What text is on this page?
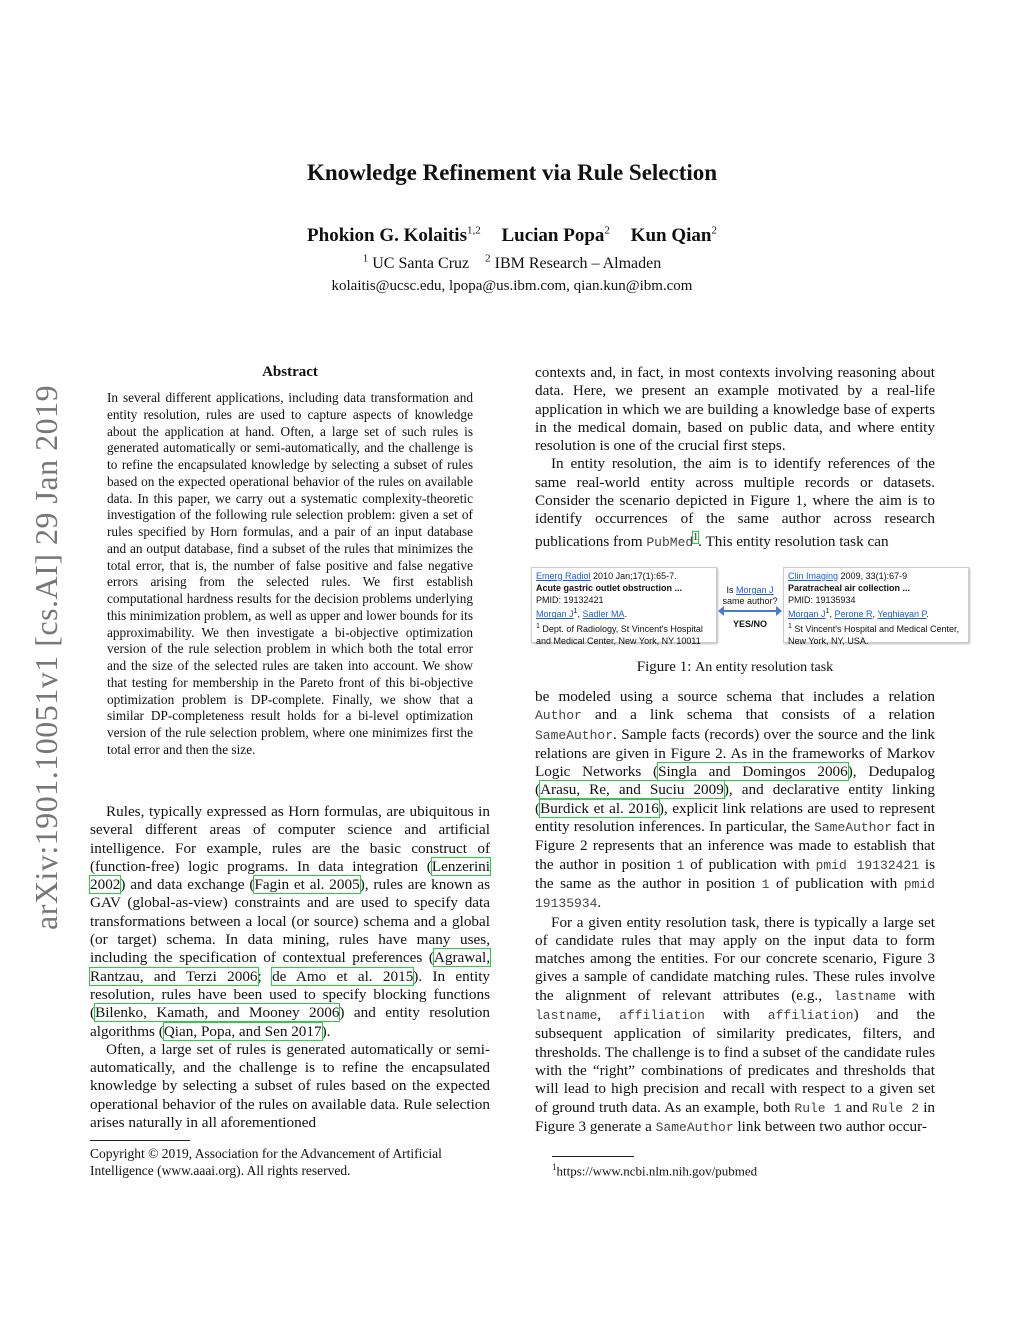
Knowledge Refinement via Rule Selection
Phokion G. Kolaitis$^{1,2}$ Lucian Popa$^2$ Kun Qian$^2$
$^1$ UC Santa Cruz $^2$ IBM Research – Almaden
kolaitis@ucsc.edu, lpopa@us.ibm.com, qian.kun@ibm.com
arXiv:1901.10051v1 [cs.AI] 29 Jan 2019
Abstract
In several different applications, including data transformation and entity resolution, rules are used to capture aspects of knowledge about the application at hand. Often, a large set of such rules is generated automatically or semi-automatically, and the challenge is to refine the encapsulated knowledge by selecting a subset of rules based on the expected operational behavior of the rules on available data. In this paper, we carry out a systematic complexity-theoretic investigation of the following rule selection problem: given a set of rules specified by Horn formulas, and a pair of an input database and an output database, find a subset of the rules that minimizes the total error, that is, the number of false positive and false negative errors arising from the selected rules. We first establish computational hardness results for the decision problems underlying this minimization problem, as well as upper and lower bounds for its approximability. We then investigate a bi-objective optimization version of the rule selection problem in which both the total error and the size of the selected rules are taken into account. We show that testing for membership in the Pareto front of this bi-objective optimization problem is DP-complete. Finally, we show that a similar DP-completeness result holds for a bi-level optimization version of the rule selection problem, where one minimizes first the total error and then the size.

Rules, typically expressed as Horn formulas, are ubiquitous in several different areas of computer science and artificial intelligence. For example, rules are the basic construct of (function-free) logic programs. In data integration (Lenzerini 2002) and data exchange (Fagin et al. 2005), rules are known as GAV (global-as-view) constraints and are used to specify data transformations between a local (or source) schema and a global (or target) schema. In data mining, rules have many uses, including the specification of contextual preferences (Agrawal, Rantzau, and Terzi 2006; de Amo et al. 2015). In entity resolution, rules have been used to specify blocking functions (Bilenko, Kamath, and Mooney 2006) and entity resolution algorithms (Qian, Popa, and Sen 2017).

Often, a large set of rules is generated automatically or semi-automatically, and the challenge is to refine the encapsulated knowledge by selecting a subset of rules based on the expected operational behavior of the rules on available data. Rule selection arises naturally in all aforementioned

Copyright © 2019, Association for the Advancement of Artificial Intelligence (www.aaai.org). All rights reserved.

contexts and, in fact, in most contexts involving reasoning about data. Here, we present an example motivated by a real-life application in which we are building a knowledge base of experts in the medical domain, based on public data, and where entity resolution is one of the crucial first steps.

In entity resolution, the aim is to identify references of the same real-world entity across multiple records or datasets. Consider the scenario depicted in Figure 1, where the aim is to identify occurrences of the same author across research publications from PubMed$^1$. This entity resolution task can

Emerg Radiol 2010 Jan;17(1):65-7.
Acute gastric outlet obstruction ...
PMID: 19132421
Morgan $J^1$, Sadler MA.
$^1$ Dept. of Radiology, St Vincent's Hospital and Medical Center, New York, NY 10011
Is Morgan J
same author?
YES/NO
Clin Imaging 2009, 33(1):67-9
Paratracheal air collection ...
PMID: 19135934
Morgan $J^1$, Perone R, Yeghiayan P.
$^1$ St Vincent's Hospital and Medical Center, New York, NY, USA.
Figure 1: An entity resolution task

be modeled using a source schema that includes a relation Author and a link schema that consists of a relation SameAuthor. Sample facts (records) over the source and the link relations are given in Figure 2. As in the frameworks of Markov Logic Networks (Singla and Domingos 2006), Dedupalog (Arasu, Re, and Suciu 2009), and declarative entity linking (Burdick et al. 2016), explicit link relations are used to represent entity resolution inferences. In particular, the SameAuthor fact in Figure 2 represents that an inference was made to establish that the author in position 1 of publication with pmid 19132421 is the same as the author in position 1 of publication with pmid 19135934.

For a given entity resolution task, there is typically a large set of candidate rules that may apply on the input data to form matches among the entities. For our concrete scenario, Figure 3 gives a sample of candidate matching rules. These rules involve the alignment of relevant attributes (e.g., lastname with lastname, affiliation with affiliation) and the subsequent application of similarity predicates, filters, and thresholds. The challenge is to find a subset of the candidate rules with the “right” combinations of predicates and thresholds that will lead to high precision and recall with respect to a given set of ground truth data. As an example, both Rule 1 and Rule 2 in Figure 3 generate a SameAuthor link between two author occur-

$^1$https://www.ncbi.nlm.nih.gov/pubmed
